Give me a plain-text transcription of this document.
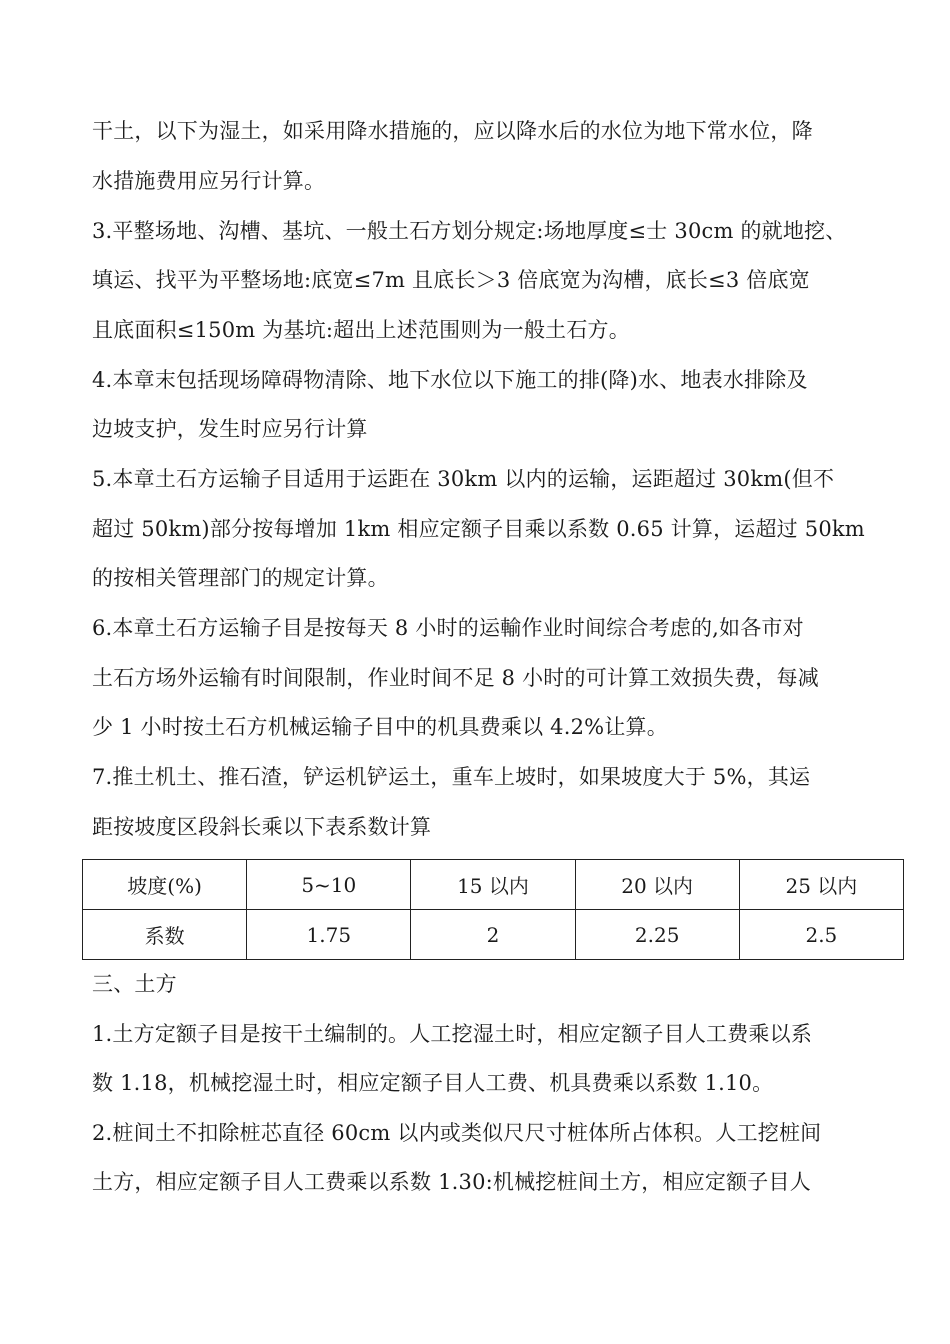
干土，以下为湿土，如采用降水措施的，应以降水后的水位为地下常水位，降
水措施费用应另行计算。
3.平整场地、沟槽、基坑、一般土石方划分规定:场地厚度≤士 30cm 的就地挖、
填运、找平为平整场地:底宽≤7m 且底长＞3 倍底宽为沟槽，底长≤3 倍底宽
且底面积≤150m 为基坑:超出上述范围则为一般土石方。
4.本章末包括现场障碍物清除、地下水位以下施工的排(降)水、地表水排除及
边坡支护，发生时应另行计算
5.本章土石方运输子目适用于运距在 30km 以内的运输，运距超过 30km(但不
超过 50km)部分按每增加 1km 相应定额子目乘以系数 0.65 计算，运超过 50km
的按相关管理部门的规定计算。
6.本章土石方运输子目是按每天 8 小时的运輸作业时间综合考虑的,如各市对
土石方场外运输有时间限制，作业时间不足 8 小时的可计算工效损失费，每减
少 1 小时按土石方机械运输子目中的机具费乘以 4.2%让算。
7.推土机土、推石渣，铲运机铲运土，重车上坡时，如果坡度大于 5%，其运
距按坡度区段斜长乘以下表系数计算
坡度(%)	5~10	15 以内	20 以内	25 以内
系数	1.75	2	2.25	2.5
三、土方
1.土方定额子目是按干土编制的。人工挖湿土时，相应定额子目人工费乘以系
数 1.18，机械挖湿土时，相应定额子目人工费、机具费乘以系数 1.10。
2.桩间土不扣除桩芯直径 60cm 以内或类似尺尺寸桩体所占体积。人工挖桩间
土方，相应定额子目人工费乘以系数 1.30:机械挖桩间土方，相应定额子目人
